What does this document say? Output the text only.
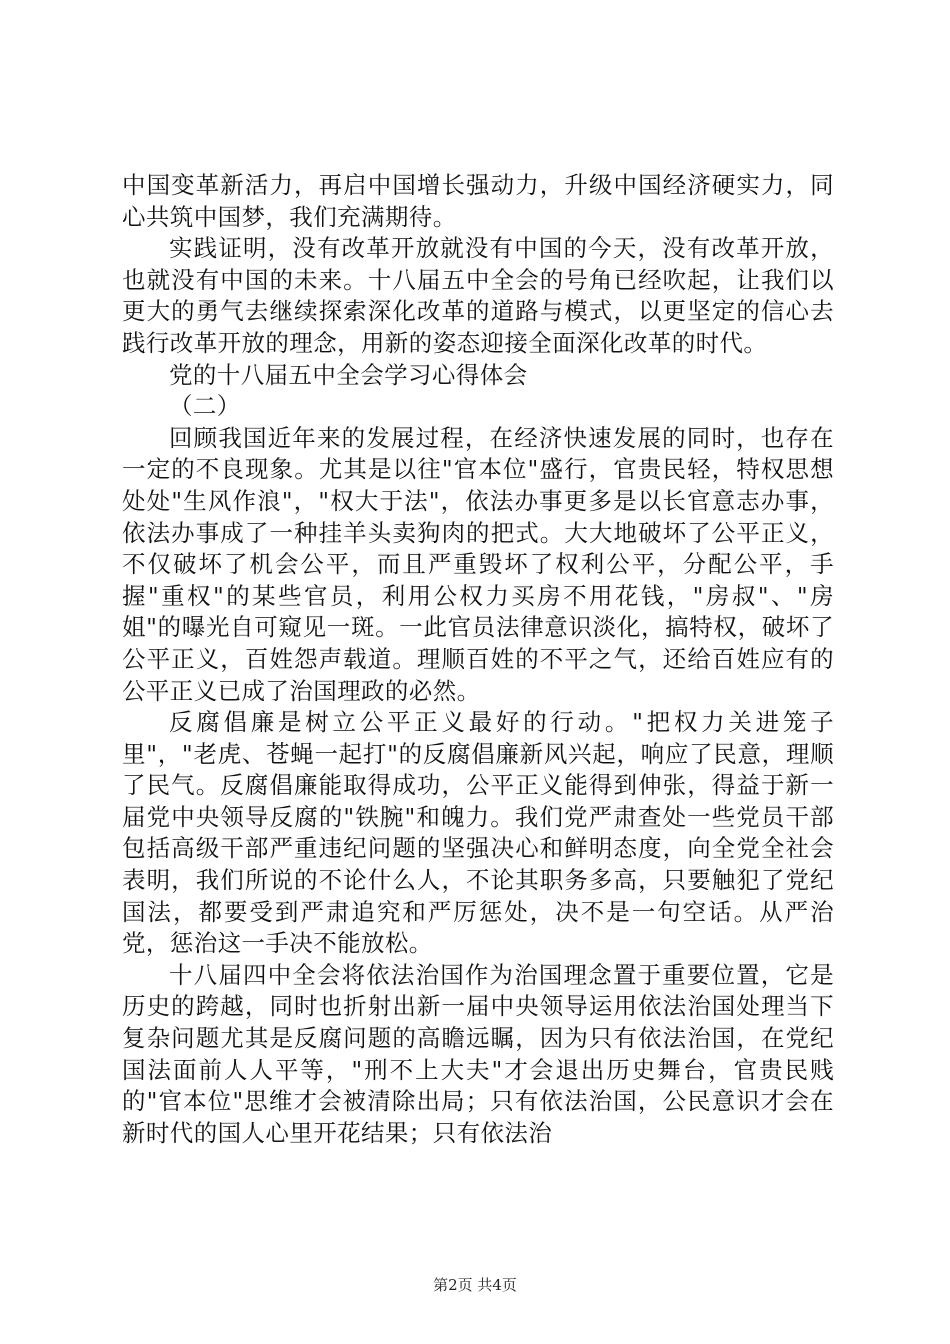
中国变革新活力，再启中国增长强动力，升级中国经济硬实力，同心共筑中国梦，我们充满期待。

实践证明，没有改革开放就没有中国的今天，没有改革开放，也就没有中国的未来。十八届五中全会的号角已经吹起，让我们以更大的勇气去继续探索深化改革的道路与模式，以更坚定的信心去践行改革开放的理念，用新的姿态迎接全面深化改革的时代。

党的十八届五中全会学习心得体会

（二）

回顾我国近年来的发展过程，在经济快速发展的同时，也存在一定的不良现象。尤其是以往"官本位"盛行，官贵民轻，特权思想处处"生风作浪"，"权大于法"，依法办事更多是以长官意志办事，依法办事成了一种挂羊头卖狗肉的把式。大大地破坏了公平正义，不仅破坏了机会公平，而且严重毁坏了权利公平，分配公平，手握"重权"的某些官员，利用公权力买房不用花钱，"房叔"、"房姐"的曝光自可窥见一斑。一此官员法律意识淡化，搞特权，破坏了公平正义，百姓怨声载道。理顺百姓的不平之气，还给百姓应有的公平正义已成了治国理政的必然。

反腐倡廉是树立公平正义最好的行动。"把权力关进笼子里"，"老虎、苍蝇一起打"的反腐倡廉新风兴起，响应了民意，理顺了民气。反腐倡廉能取得成功，公平正义能得到伸张，得益于新一届党中央领导反腐的"铁腕"和魄力。我们党严肃查处一些党员干部包括高级干部严重违纪问题的坚强决心和鲜明态度，向全党全社会表明，我们所说的不论什么人，不论其职务多高，只要触犯了党纪国法，都要受到严肃追究和严厉惩处，决不是一句空话。从严治党，惩治这一手决不能放松。

十八届四中全会将依法治国作为治国理念置于重要位置，它是历史的跨越，同时也折射出新一届中央领导运用依法治国处理当下复杂问题尤其是反腐问题的高瞻远瞩，因为只有依法治国，在党纪国法面前人人平等，"刑不上大夫"才会退出历史舞台，官贵民贱的"官本位"思维才会被清除出局；只有依法治国，公民意识才会在新时代的国人心里开花结果；只有依法治

第2页 共4页
